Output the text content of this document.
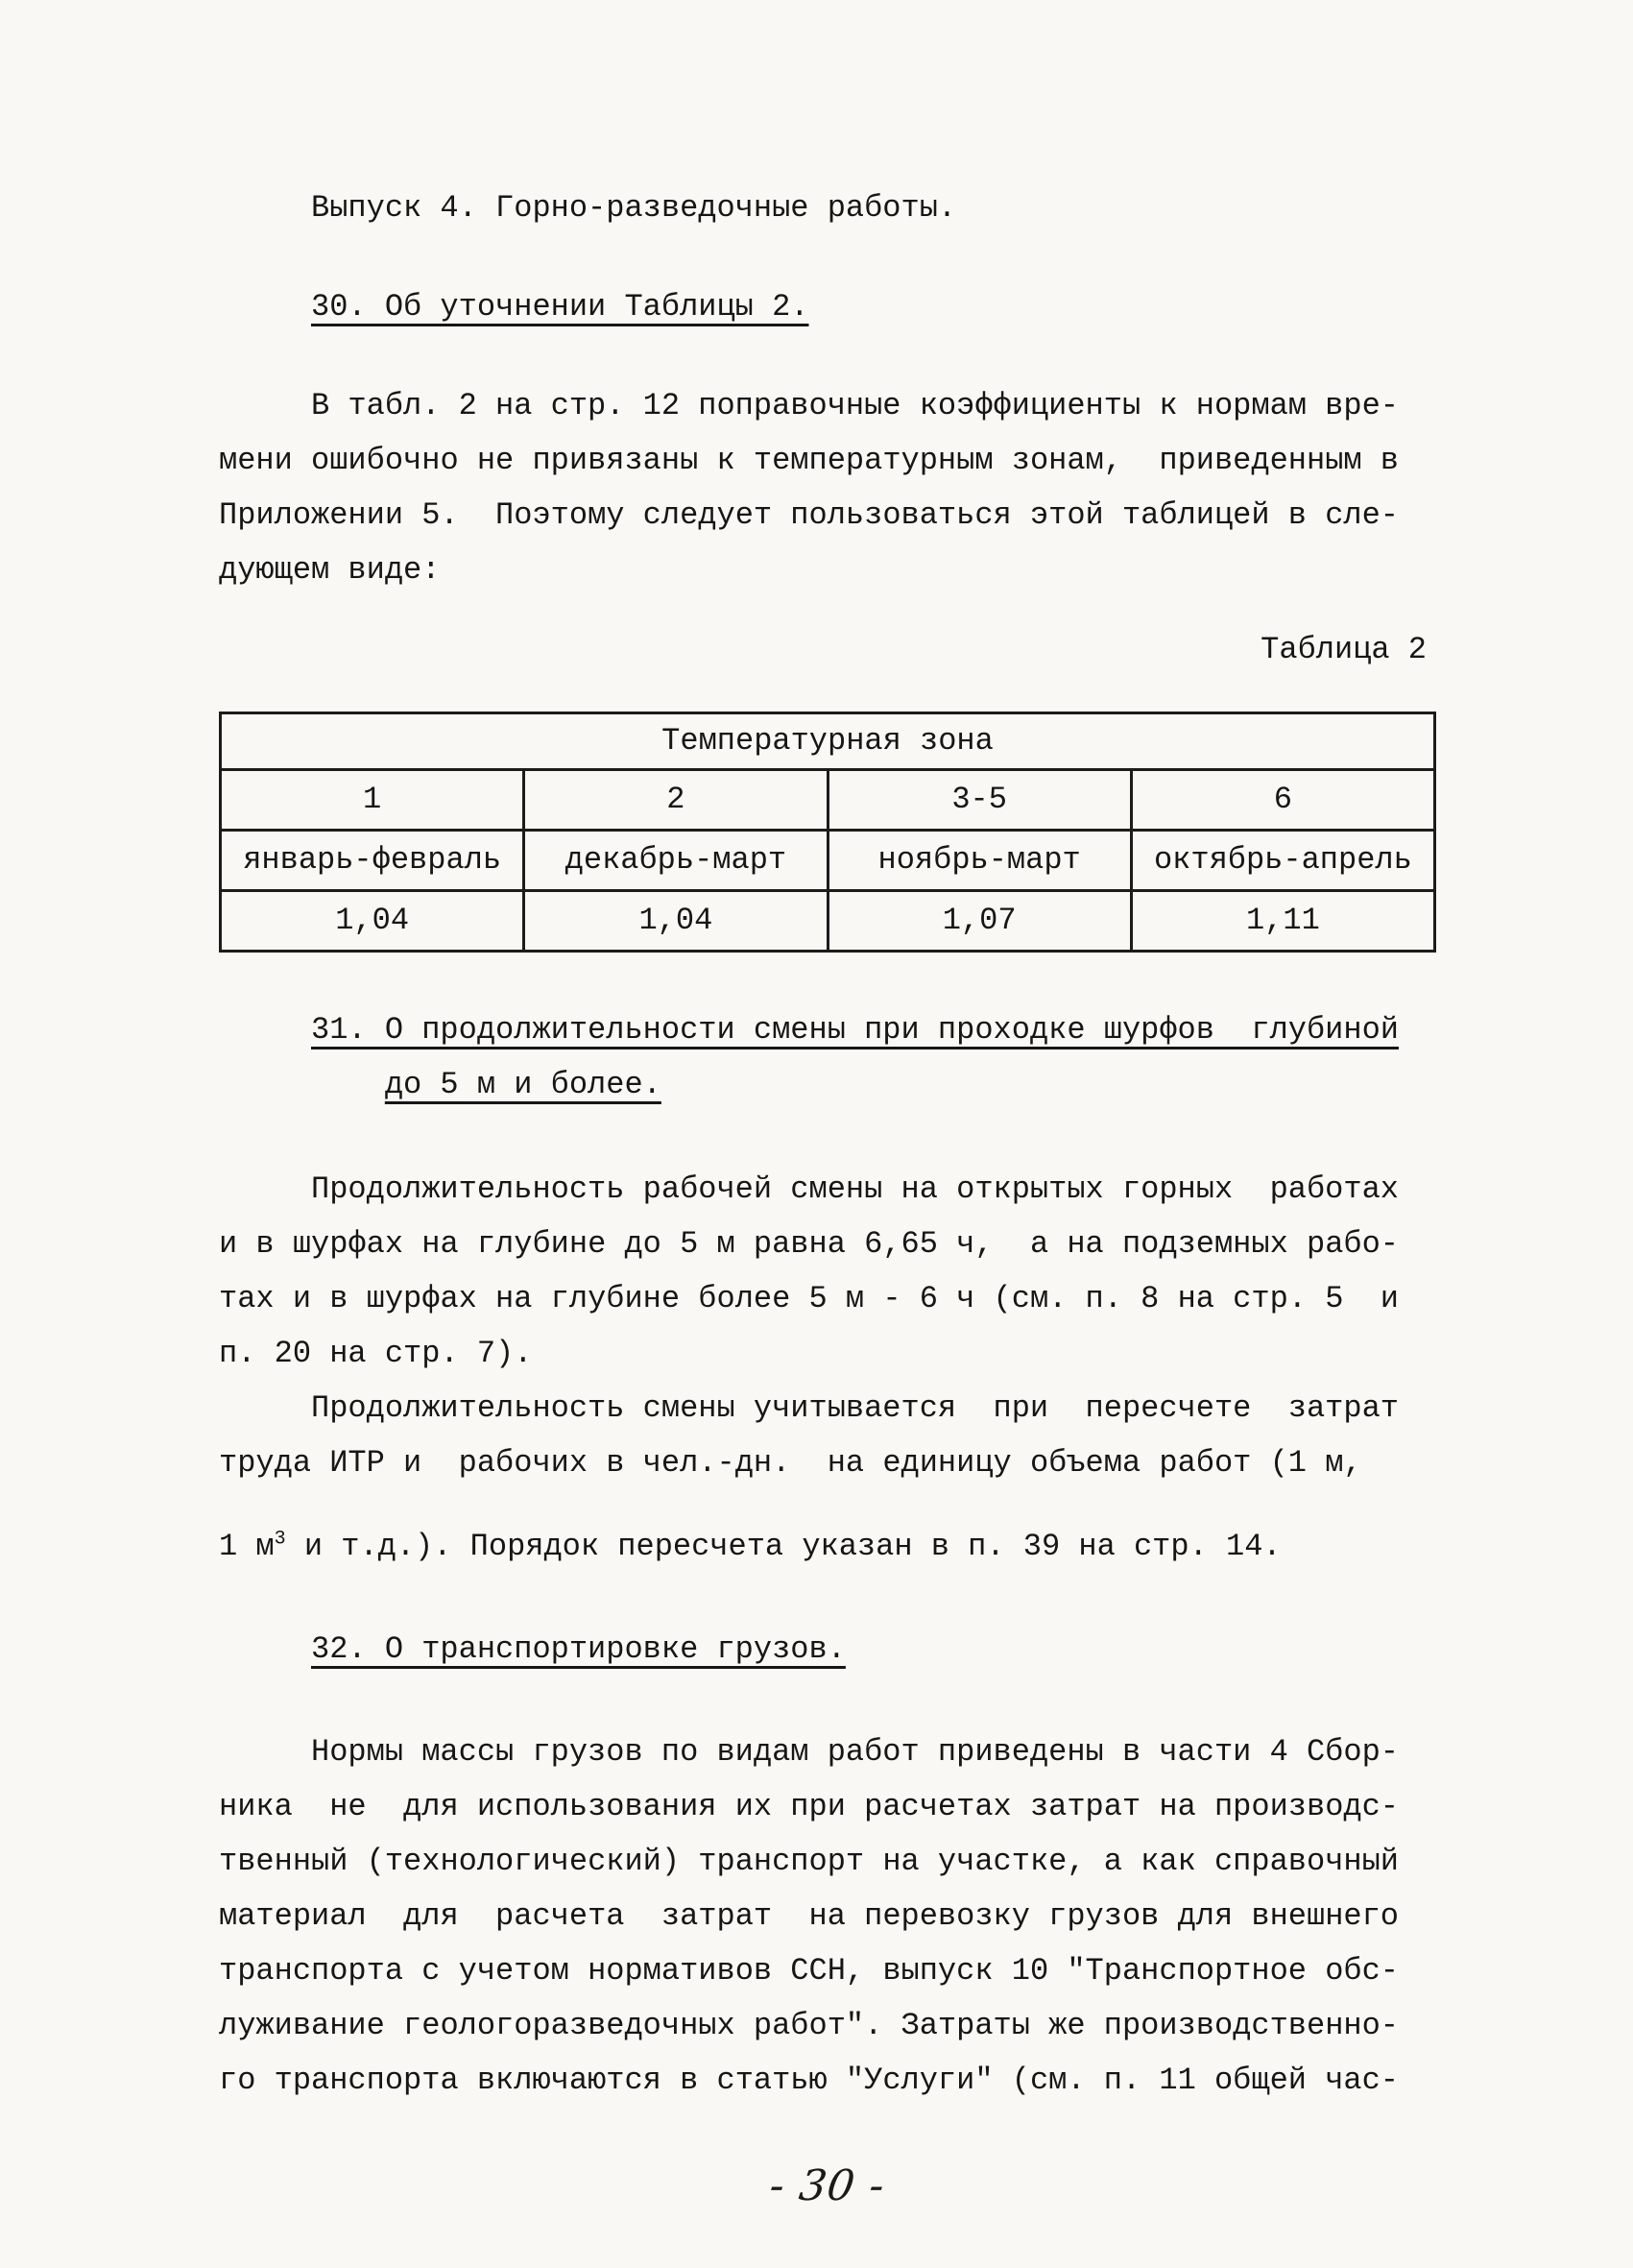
Выпуск 4. Горно-разведочные работы.
30. Об уточнении Таблицы 2.
В табл. 2 на стр. 12 поправочные коэффициенты к нормам вре-
мени ошибочно не привязаны к температурным зонам,  приведенным в
Приложении 5.  Поэтому следует пользоваться этой таблицей в сле-
дующем виде:
Таблица 2
Температурная зона			
1	2	3-5	6
январь-февраль	декабрь-март	ноябрь-март	октябрь-апрель
1,04	1,04	1,07	1,11
31. О продолжительности смены при проходке шурфов  глубиной
до 5 м и более.
Продолжительность рабочей смены на открытых горных  работах
и в шурфах на глубине до 5 м равна 6,65 ч,  а на подземных рабо-
тах и в шурфах на глубине более 5 м - 6 ч (см. п. 8 на стр. 5  и
п. 20 на стр. 7).
Продолжительность смены учитывается  при  пересчете  затрат
труда ИТР и  рабочих в чел.-дн.  на единицу объема работ (1 м,
1 $м^3$ и т.д.). Порядок пересчета указан в п. 39 на стр. 14.
32. О транспортировке грузов.
Нормы массы грузов по видам работ приведены в части 4 Сбор-
ника  не  для использования их при расчетах затрат на производс-
твенный (технологический) транспорт на участке, а как справочный
материал  для  расчета  затрат  на перевозку грузов для внешнего
транспорта с учетом нормативов ССН, выпуск 10 "Транспортное обс-
луживание геологоразведочных работ". Затраты же производственно-
го транспорта включаются в статью "Услуги" (см. п. 11 общей час-
- 30 -
